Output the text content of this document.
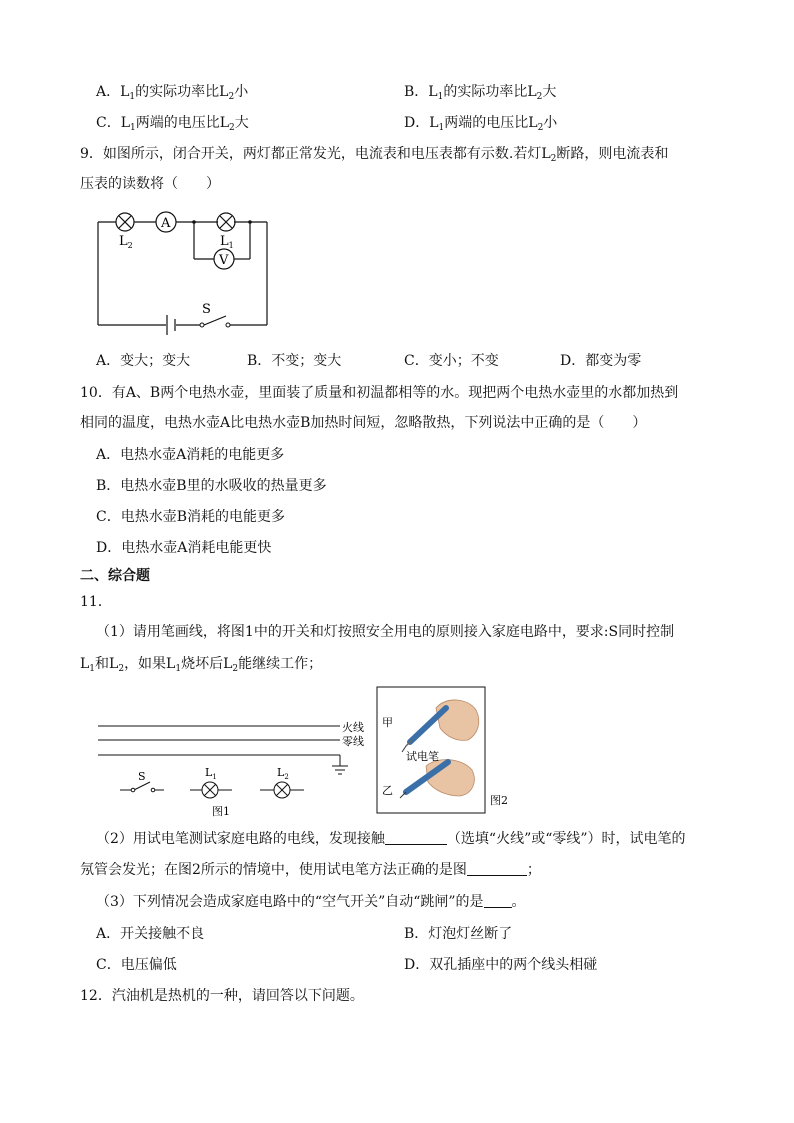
A．$L_1$的实际功率比$L_2$小	B．$L_1$的实际功率比$L_2$大
C．$L_1$两端的电压比$L_2$大	D．$L_1$两端的电压比$L_2$小
9．如图所示，闭合开关，两灯都正常发光，电流表和电压表都有示数.若灯$L_2$断路，则电流表和
压表的读数将（　　）
A
V
$L_2$	$L_1$
S
A．变大；变大	B．不变；变大	C．变小；不变	D．都变为零
10．有A、B两个电热水壶，里面装了质量和初温都相等的水。现把两个电热水壶里的水都加热到
相同的温度，电热水壶A比电热水壶B加热时间短，忽略散热，下列说法中正确的是（　　）
A．电热水壶A消耗的电能更多
B．电热水壶B里的水吸收的热量更多
C．电热水壶B消耗的电能更多
D．电热水壶A消耗电能更快
二、综合题
11．
（1）请用笔画线，将图1中的开关和灯按照安全用电的原则接入家庭电路中，要求:S同时控制
$L_1$和$L_2$，如果$L_1$烧坏后$L_2$能继续工作；
火线
零线
S	$L_1$	$L_2$
图1
甲
试电笔
乙
图2
（2）用试电笔测试家庭电路的电线，发现接触	（选填“火线”或“零线”）时，试电笔的
氖管会发光；在图2所示的情境中，使用试电笔方法正确的是图	；
（3）下列情况会造成家庭电路中的“空气开关”自动“跳闸”的是 。
A．开关接触不良	B．灯泡灯丝断了
C．电压偏低	D．双孔插座中的两个线头相碰
12．汽油机是热机的一种，请回答以下问题。
